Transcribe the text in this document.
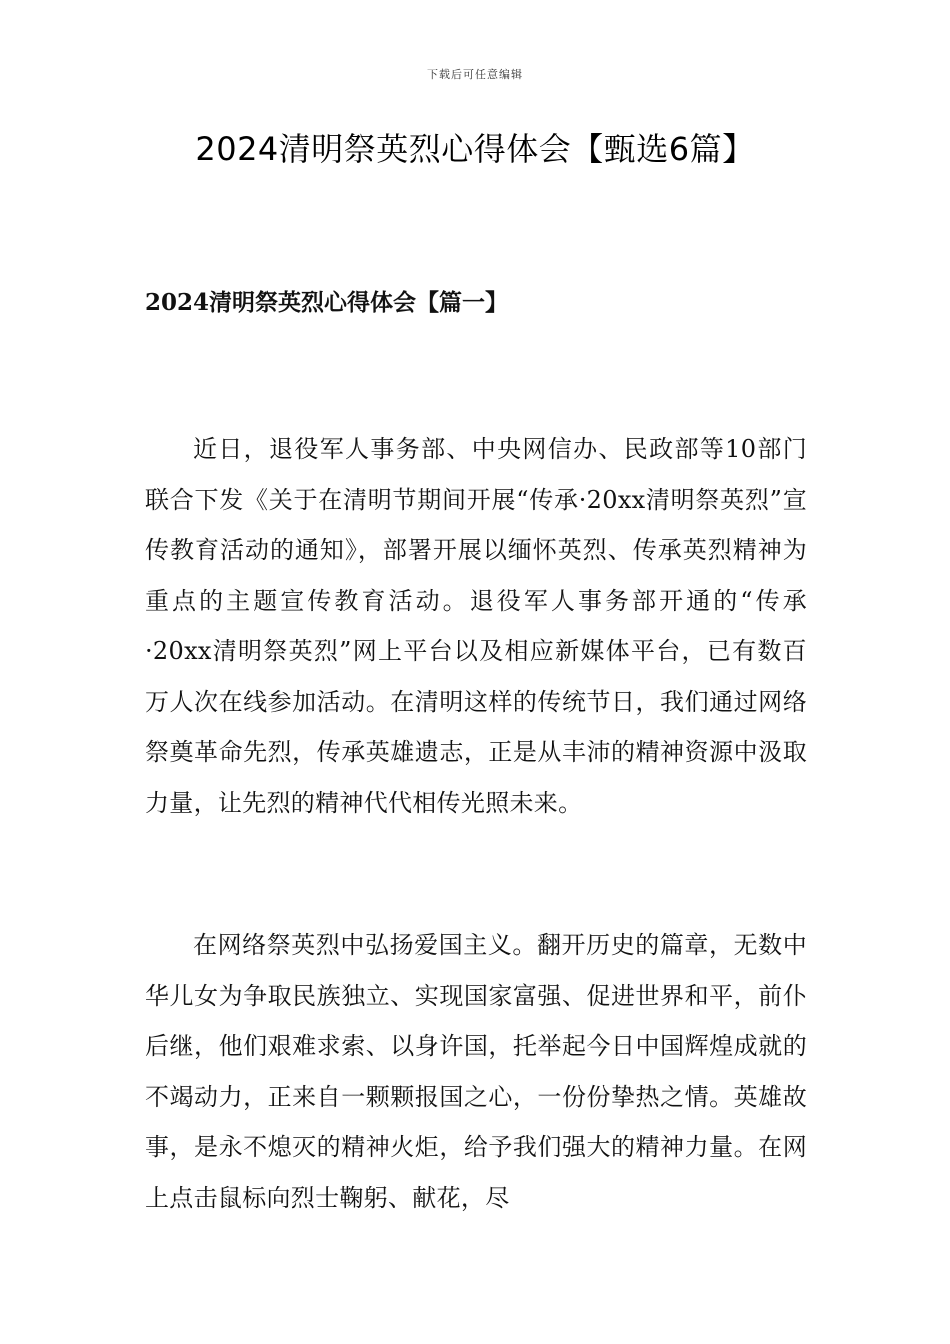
下载后可任意编辑
2024清明祭英烈心得体会【甄选6篇】
2024清明祭英烈心得体会【篇一】

近日，退役军人事务部、中央网信办、民政部等10部门联合下发《关于在清明节期间开展“传承·20xx清明祭英烈”宣传教育活动的通知》，部署开展以缅怀英烈、传承英烈精神为重点的主题宣传教育活动。退役军人事务部开通的“传承·20xx清明祭英烈”网上平台以及相应新媒体平台，已有数百万人次在线参加活动。在清明这样的传统节日，我们通过网络祭奠革命先烈，传承英雄遗志，正是从丰沛的精神资源中汲取力量，让先烈的精神代代相传光照未来。

在网络祭英烈中弘扬爱国主义。翻开历史的篇章，无数中华儿女为争取民族独立、实现国家富强、促进世界和平，前仆后继，他们艰难求索、以身许国，托举起今日中国辉煌成就的不竭动力，正来自一颗颗报国之心，一份份挚热之情。英雄故事，是永不熄灭的精神火炬，给予我们强大的精神力量。在网上点击鼠标向烈士鞠躬、献花，尽
